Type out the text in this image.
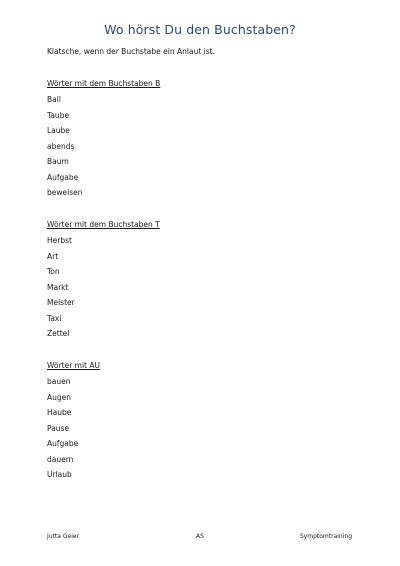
Wo hörst Du den Buchstaben?
Klatsche, wenn der Buchstabe ein Anlaut ist.
Wörter mit dem Buchstaben B
Ball
Taube
Laube
abends
Baum
Aufgabe
beweisen
Wörter mit dem Buchstaben T
Herbst
Art
Ton
Markt
Meister
Taxi
Zettel
Wörter mit AU
bauen
Augen
Haube
Pause
Aufgabe
dauern
Urlaub
Jutta Geier	AS	Symptomtraining
